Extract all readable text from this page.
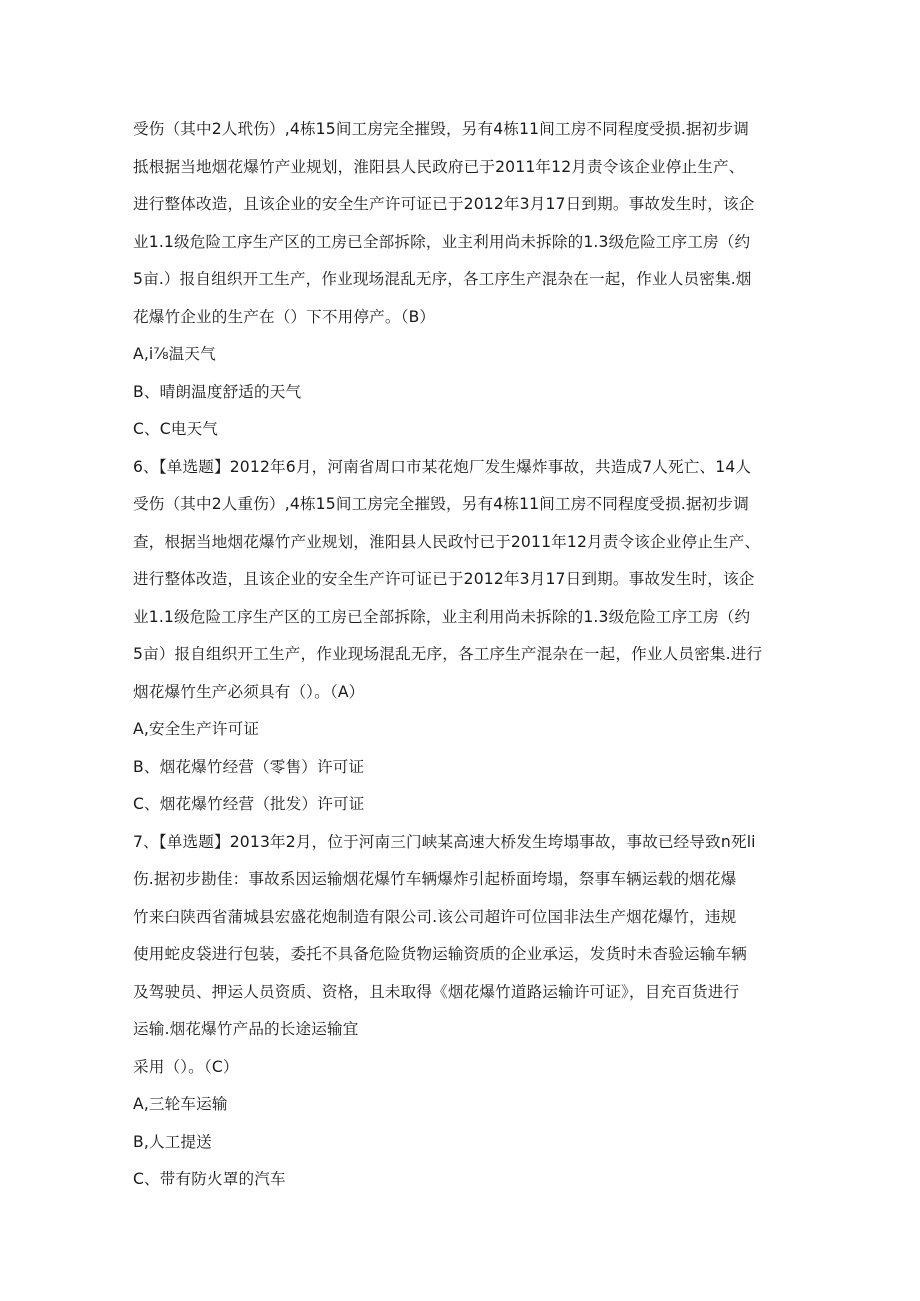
受伤（其中2人玳伤）,4栋15间工房完全摧毁，另有4栋11间工房不同程度受损.据初步调
抵根据当地烟花爆竹产业规划，淮阳县人民政府已于2011年12月责令该企业停止生产、
进行整体改造，且该企业的安全生产许可证已于2012年3月17日到期。事故发生时，该企
业1.1级危险工序生产区的工房已全部拆除，业主利用尚未拆除的1.3级危险工序工房（约
5亩.）报自组织开工生产，作业现场混乱无序，各工序生产混杂在一起，作业人员密集.烟
花爆竹企业的生产在（）下不用停产。（B）
A,i⅞温天气
B、晴朗温度舒适的天气
C、C电天气
6、【单选题】2012年6月，河南省周口市某花炮厂发生爆炸事故，共造成7人死亡、14人
受伤（其中2人重伤）,4栋15间工房完全摧毁，另有4栋11间工房不同程度受损.据初步调
查，根据当地烟花爆竹产业规划，淮阳县人民政忖已于2011年12月责令该企业停止生产、
进行整体改造，且该企业的安全生产许可证已于2012年3月17日到期。事故发生时，该企
业1.1级危险工序生产区的工房已全部拆除，业主利用尚未拆除的1.3级危险工序工房（约
5亩）报自组织开工生产，作业现场混乱无序，各工序生产混杂在一起，作业人员密集.进行
烟花爆竹生产必须具有（）。（A）
A,安全生产许可证
B、烟花爆竹经营（零售）许可证
C、烟花爆竹经营（批发）许可证
7、【单选题】2013年2月，位于河南三门峡某高速大桥发生垮塌事故，事故已经导致n死li
伤.据初步勘佳：事故系因运输烟花爆竹车辆爆炸引起桥面垮塌，祭事车辆运载的烟花爆
竹来臼陕西省蒲城县宏盛花炮制造有限公司.该公司超许可位国非法生产烟花爆竹，违规
使用蛇皮袋进行包装，委托不具备危险货物运输资质的企业承运，发货时未杳验运输车辆
及驾驶员、押运人员资质、资格，且未取得《烟花爆竹道路运输许可证》，目充百货进行
运输.烟花爆竹产品的长途运输宜
采用（）。（C）
A,三轮车运输
B,人工提送
C、带有防火罩的汽车
